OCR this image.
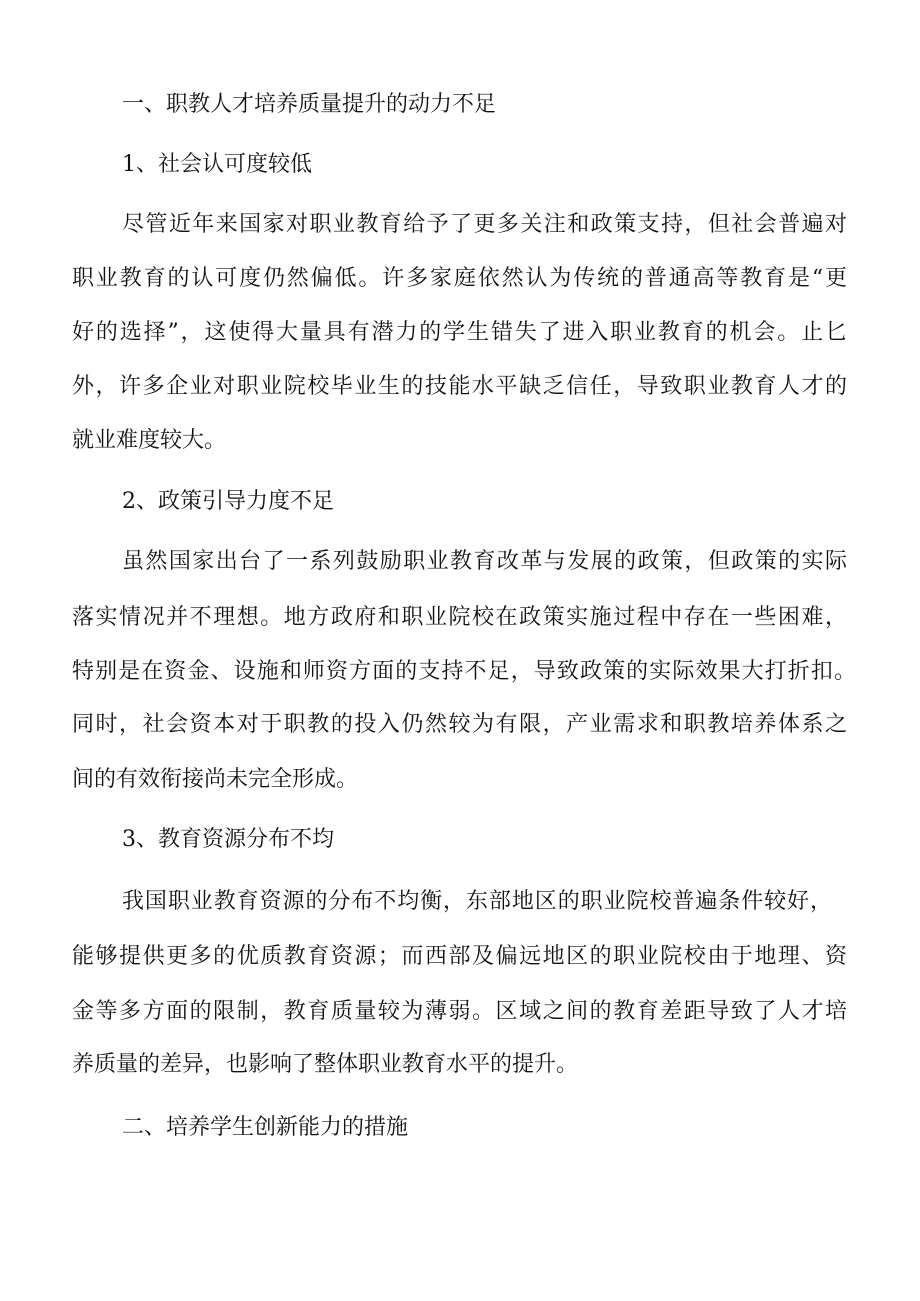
一、职教人才培养质量提升的动力不足
1、社会认可度较低
尽管近年来国家对职业教育给予了更多关注和政策支持，但社会普遍对
职业教育的认可度仍然偏低。许多家庭依然认为传统的普通高等教育是“更
好的选择”，这使得大量具有潜力的学生错失了进入职业教育的机会。止匕
外，许多企业对职业院校毕业生的技能水平缺乏信任，导致职业教育人才的
就业难度较大。
2、政策引导力度不足
虽然国家出台了一系列鼓励职业教育改革与发展的政策，但政策的实际
落实情况并不理想。地方政府和职业院校在政策实施过程中存在一些困难，
特别是在资金、设施和师资方面的支持不足，导致政策的实际效果大打折扣。
同时，社会资本对于职教的投入仍然较为有限，产业需求和职教培养体系之
间的有效衔接尚未完全形成。
3、教育资源分布不均
我国职业教育资源的分布不均衡，东部地区的职业院校普遍条件较好，
能够提供更多的优质教育资源；而西部及偏远地区的职业院校由于地理、资
金等多方面的限制，教育质量较为薄弱。区域之间的教育差距导致了人才培
养质量的差异，也影响了整体职业教育水平的提升。
二、培养学生创新能力的措施
